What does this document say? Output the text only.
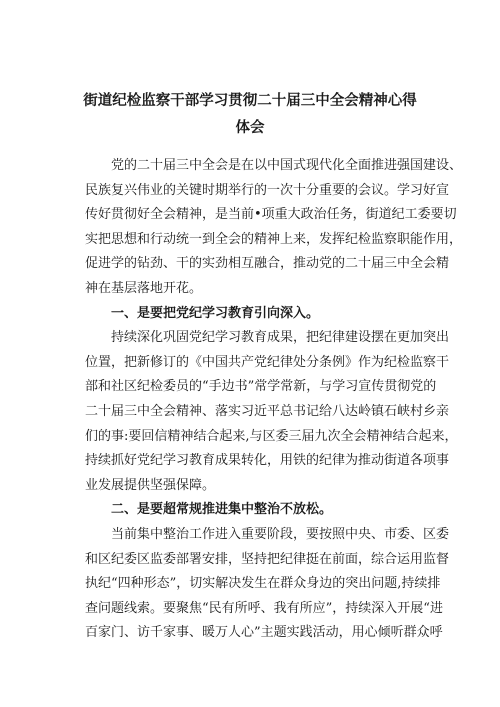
街道纪检监察干部学习贯彻二十届三中全会精神心得
体会
党的二十届三中全会是在以中国式现代化全面推进强国建设、
民族复兴伟业的关键时期举行的一次十分重要的会议。学习好宣
传好贯彻好全会精神，是当前•项重大政治任务，街道纪工委要切
实把思想和行动统一到全会的精神上来，发挥纪检监察职能作用，
促进学的钻劲、干的实劲相互融合，推动党的二十届三中全会精
神在基层落地开花。
一、是要把党纪学习教育引向深入。
持续深化巩固党纪学习教育成果，把纪律建设摆在更加突出
位置，把新修订的《中国共产党纪律处分条例》作为纪检监察干
部和社区纪检委员的“手边书”常学常新，与学习宣传贯彻党的
二十届三中全会精神、落实习近平总书记给八达岭镇石峡村乡亲
们的事:要回信精神结合起来,与区委三届九次全会精神结合起来，
持续抓好党纪学习教育成果转化，用铁的纪律为推动街道各项事
业发展提供坚强保障。
二、是要超常规推进集中整治不放松。
当前集中整治工作进入重要阶段，要按照中央、市委、区委
和区纪委区监委部署安排，坚持把纪律挺在前面，综合运用监督
执纪“四种形态”，切实解决发生在群众身边的突出问题,持续排
查问题线索。要聚焦“民有所呼、我有所应”，持续深入开展“进
百家门、访千家事、暖万人心”主题实践活动，用心倾听群众呼
